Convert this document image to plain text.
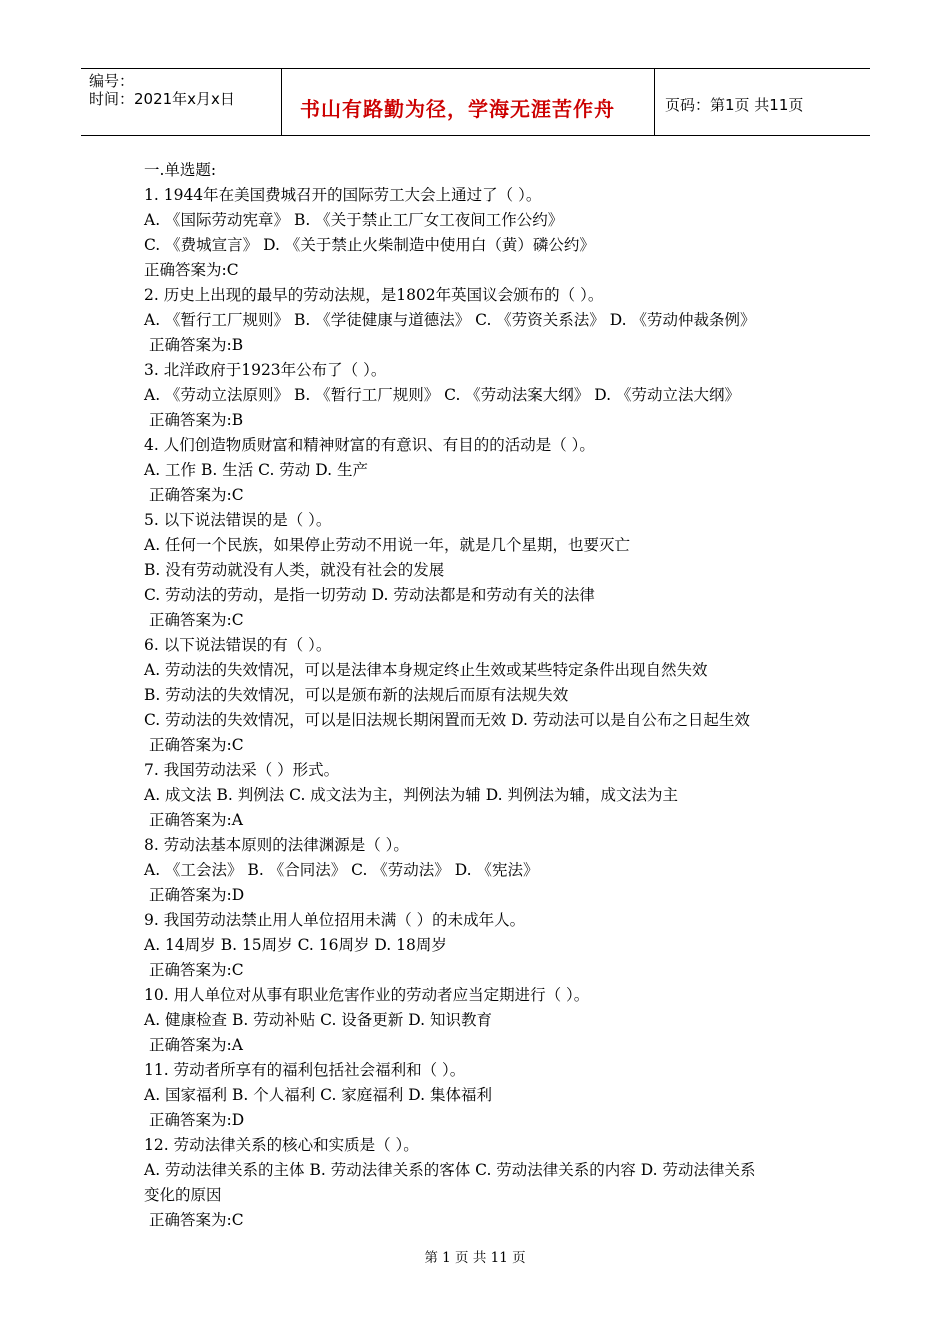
编号：
时间：2021年x月x日	书山有路勤为径，学海无涯苦作舟	页码：第1页 共11页
一.单选题:
1. 1944年在美国费城召开的国际劳工大会上通过了（ ）。
A. 《国际劳动宪章》 B. 《关于禁止工厂女工夜间工作公约》
C. 《费城宣言》 D. 《关于禁止火柴制造中使用白（黄）磷公约》
正确答案为:C
2. 历史上出现的最早的劳动法规，是1802年英国议会颁布的（ ）。
A. 《暂行工厂规则》 B. 《学徒健康与道德法》 C. 《劳资关系法》 D. 《劳动仲裁条例》
正确答案为:B
3. 北洋政府于1923年公布了（ ）。
A. 《劳动立法原则》 B. 《暂行工厂规则》 C. 《劳动法案大纲》 D. 《劳动立法大纲》
正确答案为:B
4. 人们创造物质财富和精神财富的有意识、有目的的活动是（ ）。
A. 工作 B. 生活 C. 劳动 D. 生产
正确答案为:C
5. 以下说法错误的是（ ）。
A. 任何一个民族，如果停止劳动不用说一年，就是几个星期，也要灭亡
B. 没有劳动就没有人类，就没有社会的发展
C. 劳动法的劳动，是指一切劳动 D. 劳动法都是和劳动有关的法律
正确答案为:C
6. 以下说法错误的有（ ）。
A. 劳动法的失效情况，可以是法律本身规定终止生效或某些特定条件出现自然失效
B. 劳动法的失效情况，可以是颁布新的法规后而原有法规失效
C. 劳动法的失效情况，可以是旧法规长期闲置而无效 D. 劳动法可以是自公布之日起生效
正确答案为:C
7. 我国劳动法采（ ）形式。
A. 成文法 B. 判例法 C. 成文法为主，判例法为辅 D. 判例法为辅，成文法为主
正确答案为:A
8. 劳动法基本原则的法律渊源是（ ）。
A. 《工会法》 B. 《合同法》 C. 《劳动法》 D. 《宪法》
正确答案为:D
9. 我国劳动法禁止用人单位招用未满（ ）的未成年人。
A. 14周岁 B. 15周岁 C. 16周岁 D. 18周岁
正确答案为:C
10. 用人单位对从事有职业危害作业的劳动者应当定期进行（ ）。
A. 健康检查 B. 劳动补贴 C. 设备更新 D. 知识教育
正确答案为:A
11. 劳动者所享有的福利包括社会福利和（ ）。
A. 国家福利 B. 个人福利 C. 家庭福利 D. 集体福利
正确答案为:D
12. 劳动法律关系的核心和实质是（ ）。
A. 劳动法律关系的主体 B. 劳动法律关系的客体 C. 劳动法律关系的内容 D. 劳动法律关系
变化的原因
正确答案为:C
第 1 页 共 11 页
